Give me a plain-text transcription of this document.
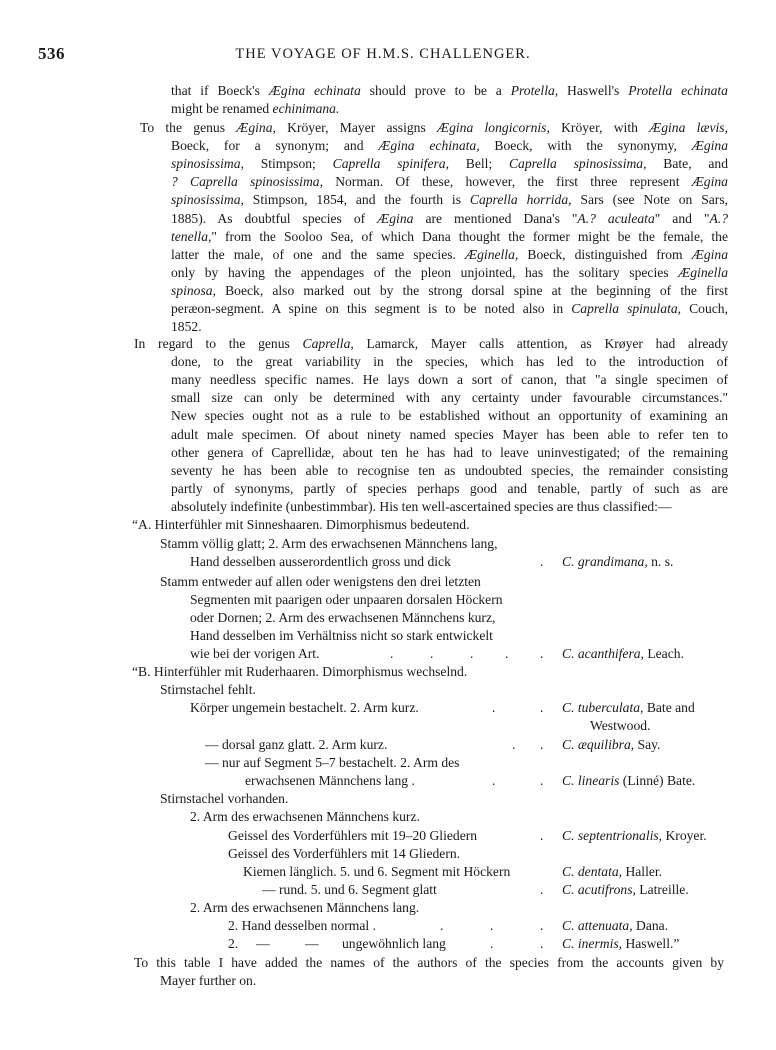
536	THE VOYAGE OF H.M.S. CHALLENGER.
that if Boeck's Ægina echinata should prove to be a Protella, Haswell's Protella echinata
might be renamed echinimana.
To the genus Ægina, Kröyer, Mayer assigns Ægina longicornis, Kröyer, with Ægina lævis,
Boeck, for a synonym; and Ægina echinata, Boeck, with the synonymy, Ægina
spinosissima, Stimpson; Caprella spinifera, Bell; Caprella spinosissima, Bate, and
? Caprella spinosissima, Norman. Of these, however, the first three represent Ægina
spinosissima, Stimpson, 1854, and the fourth is Caprella horrida, Sars (see Note on Sars,
1885). As doubtful species of Ægina are mentioned Dana's "A.? aculeata" and "A.?
tenella," from the Sooloo Sea, of which Dana thought the former might be the female, the
latter the male, of one and the same species. Æginella, Boeck, distinguished from Ægina
only by having the appendages of the pleon unjointed, has the solitary species Æginella
spinosa, Boeck, also marked out by the strong dorsal spine at the beginning of the first
peræon-segment. A spine on this segment is to be noted also in Caprella spinulata, Couch,
1852.
In regard to the genus Caprella, Lamarck, Mayer calls attention, as Krøyer had already
done, to the great variability in the species, which has led to the introduction of
many needless specific names. He lays down a sort of canon, that "a single specimen of
small size can only be determined with any certainty under favourable circumstances."
New species ought not as a rule to be established without an opportunity of examining an
adult male specimen. Of about ninety named species Mayer has been able to refer ten to
other genera of Caprellidæ, about ten he has had to leave uninvestigated; of the remaining
seventy he has been able to recognise ten as undoubted species, the remainder consisting
partly of synonyms, partly of species perhaps good and tenable, partly of such as are
absolutely indefinite (unbestimmbar). His ten well-ascertained species are thus classified:—
“A. Hinterfühler mit Sinneshaaren. Dimorphismus bedeutend.
Stamm völlig glatt; 2. Arm des erwachsenen Männchens lang,
Hand desselben ausserordentlich gross und dick	. C. grandimana, n. s.
Stamm entweder auf allen oder wenigstens den drei letzten
Segmenten mit paarigen oder unpaaren dorsalen Höckern
oder Dornen; 2. Arm des erwachsenen Männchens kurz,
Hand desselben im Verhältniss nicht so stark entwickelt
wie bei der vorigen Art.	.	.	. . . C. acanthifera, Leach.
“B. Hinterfühler mit Ruderhaaren. Dimorphismus wechselnd.
Stirnstachel fehlt.
Körper ungemein bestachelt. 2. Arm kurz.	.	. C. tuberculata, Bate and
Westwood.
— dorsal ganz glatt. 2. Arm kurz.	. . C. æquilibra, Say.
— nur auf Segment 5–7 bestachelt. 2. Arm des
erwachsenen Männchens lang .	.	. C. linearis (Linné) Bate.
Stirnstachel vorhanden.
2. Arm des erwachsenen Männchens kurz.
Geissel des Vorderfühlers mit 19–20 Gliedern	. C. septentrionalis, Kroyer.
Geissel des Vorderfühlers mit 14 Gliedern.
Kiemen länglich. 5. und 6. Segment mit Höckern	C. dentata, Haller.
— rund. 5. und 6. Segment glatt	. C. acutifrons, Latreille.
2. Arm des erwachsenen Männchens lang.
2. Hand desselben normal .	.	.	. C. attenuata, Dana.
2. —	— ungewöhnlich lang	.	. C. inermis, Haswell.”
To this table I have added the names of the authors of the species from the accounts given by
Mayer further on.
